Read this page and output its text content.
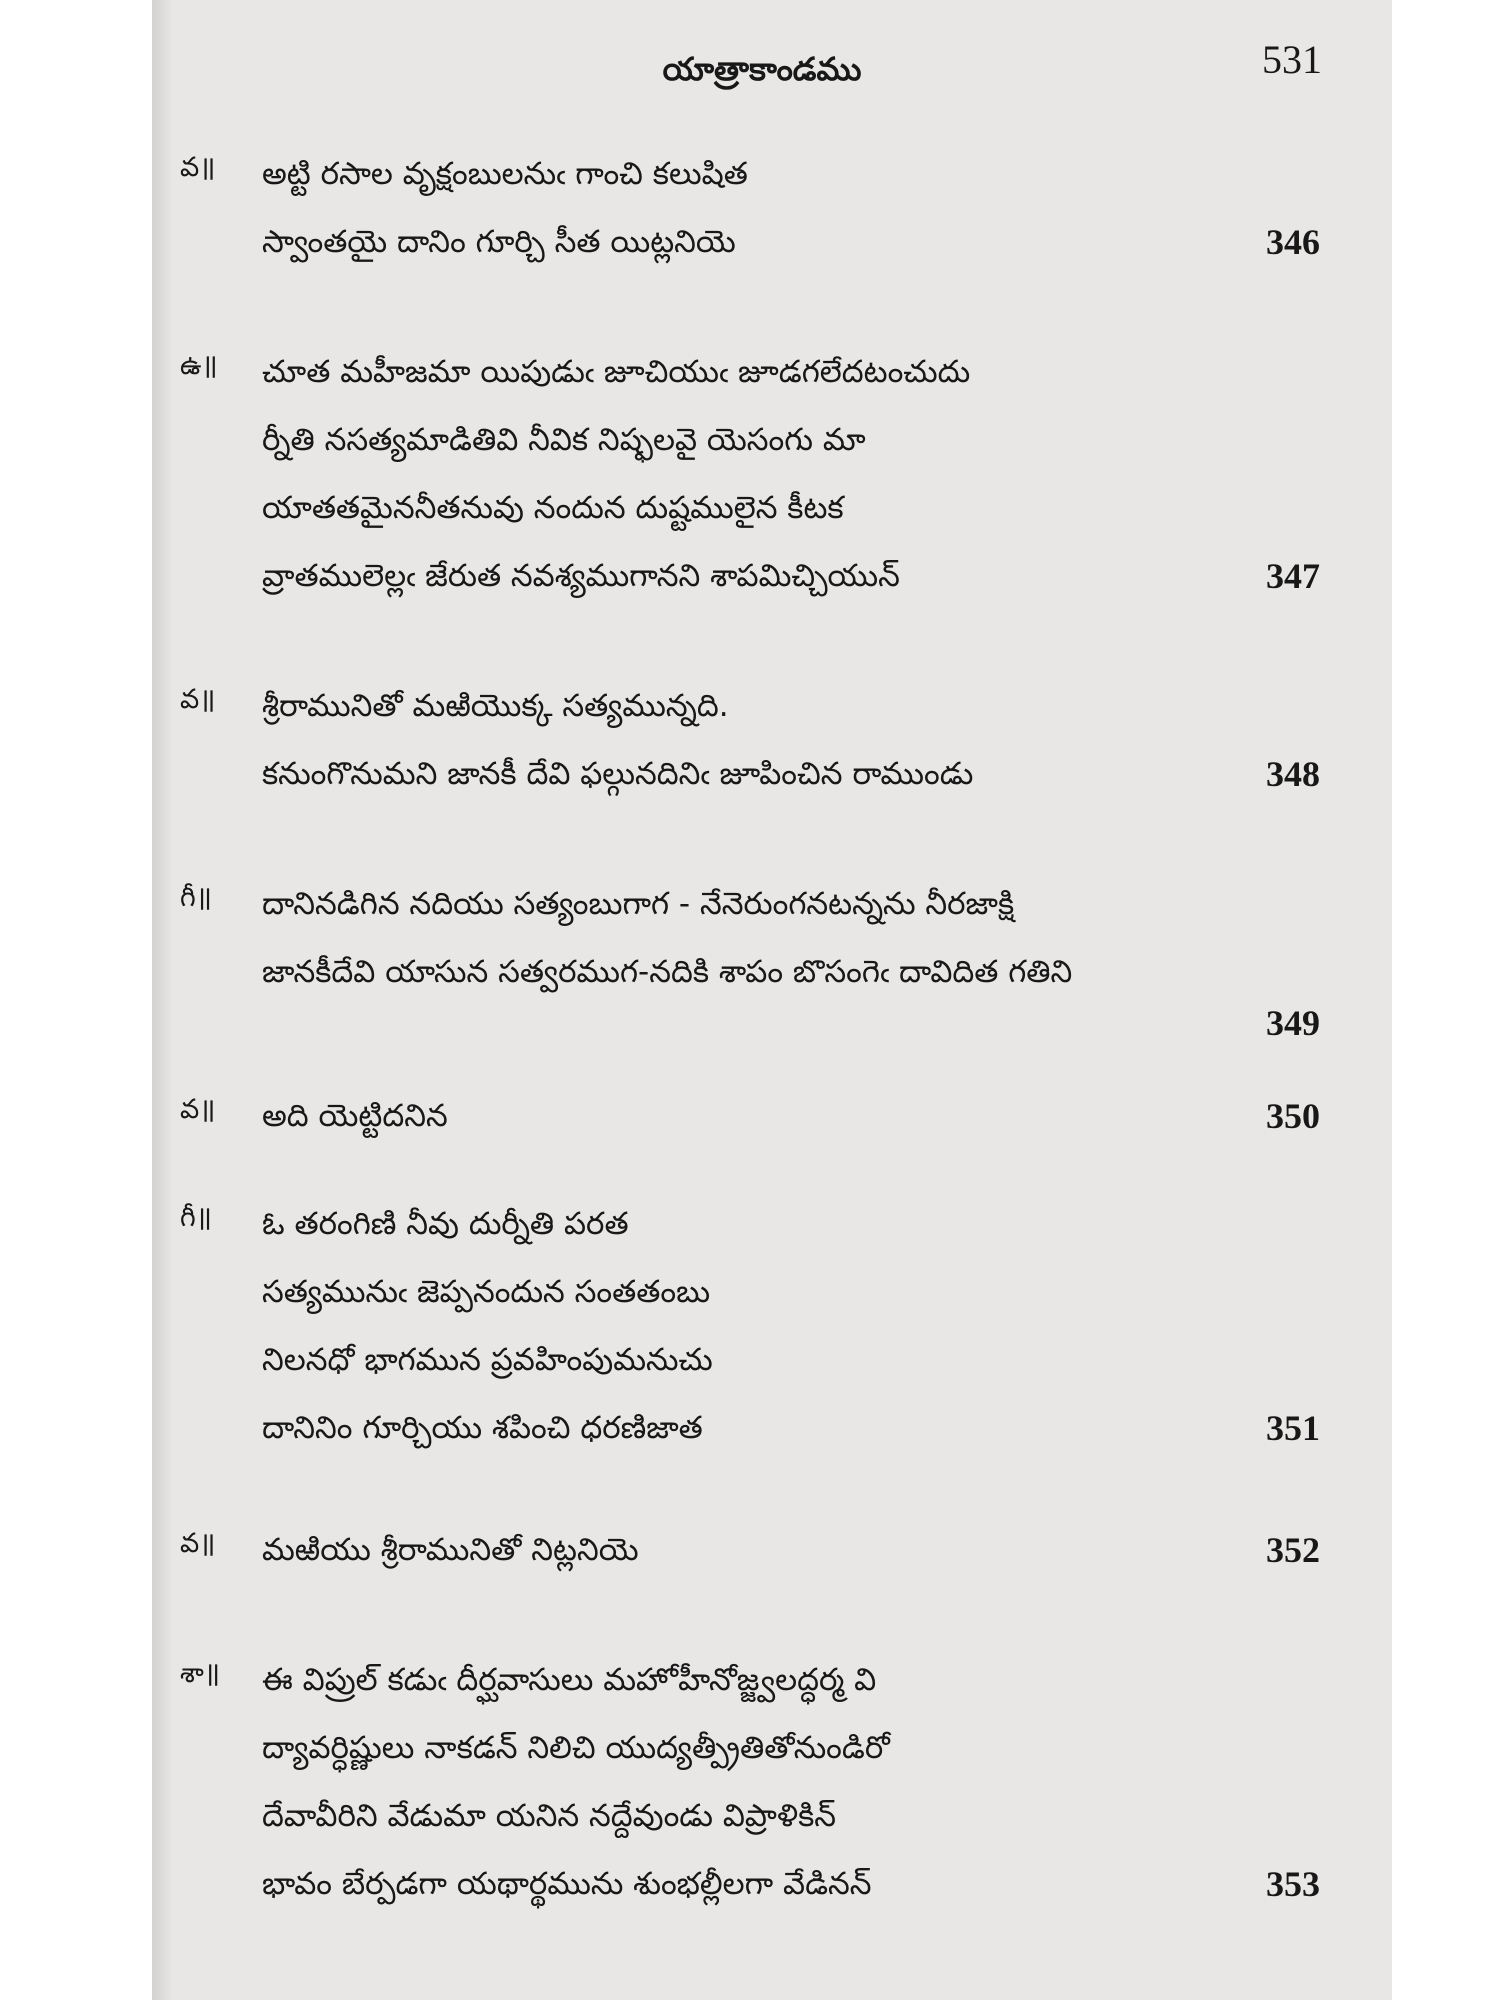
యాత్రాకాండము	531
వ॥	అట్టి రసాల వృక్షంబులనుఁ గాంచి కలుషిత
స్వాంతయై దానిం గూర్చి సీత యిట్లనియె	346
ఉ॥	చూత మహీజమా యిపుడుఁ జూచియుఁ జూడగలేదటంచుదు
ర్నీతి నసత్యమాడితివి నీవిక నిష్ఫలవై యెసంగు మా
యాతతమైననీతనువు నందున దుష్టములైన కీటక
వ్రాతములెల్లఁ జేరుత నవశ్యముగానని శాపమిచ్చియున్	347
వ॥	శ్రీరామునితో మఱియొక్క సత్యమున్నది.
కనుంగొనుమని జానకీ దేవి ఫల్గునదినిఁ జూపించిన రాముండు	348
గీ॥	దానినడిగిన నదియు సత్యంబుగాగ - నేనెరుంగనటన్నను నీరజాక్షి
జానకీదేవి యాసున సత్వరముగ-నదికి శాపం బొసంగెఁ దావిదిత గతిని
349
వ॥	అది యెట్టిదనిన	350
గీ॥	ఓ తరంగిణి నీవు దుర్నీతి పరత
సత్యమునుఁ జెప్పనందున సంతతంబు
నిలనధో భాగమున ప్రవహింపుమనుచు
దానినిం గూర్చియు శపించి ధరణిజాత	351
వ॥	మఱియు శ్రీరామునితో నిట్లనియె	352
శా॥	ఈ విప్రుల్ కడుఁ దీర్ఘవాసులు మహోహీనోజ్జ్వలద్ధర్మ వి
ద్యావర్ధిష్ణులు నాకడన్ నిలిచి యుద్యత్ప్రీతితోనుండిరో
దేవావీరిని వేడుమా యనిన నద్దేవుండు విప్రాళికిన్
భావం బేర్పడగా యథార్థమును శుంభల్లీలగా వేడినన్	353
